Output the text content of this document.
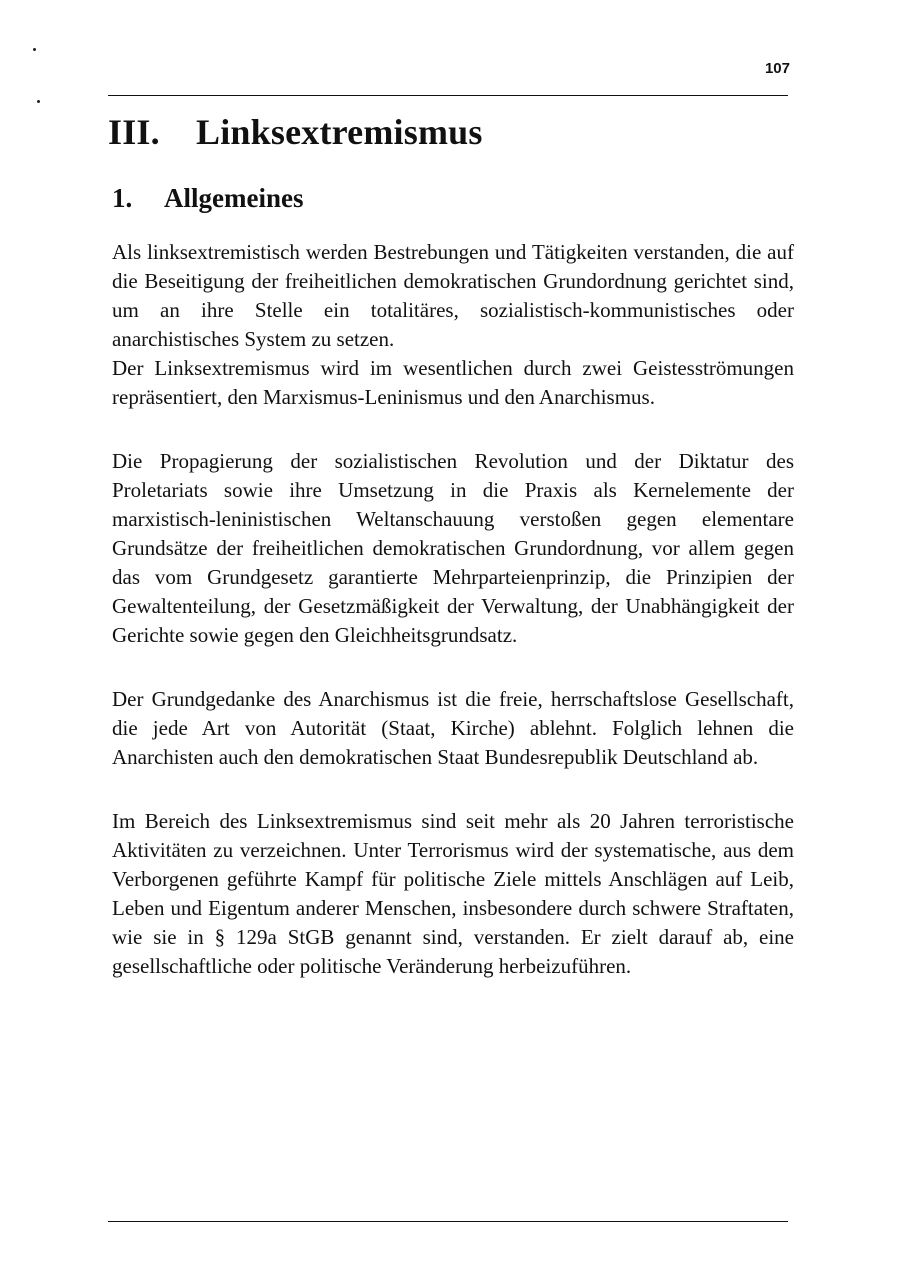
107
III. Linksextremismus
1. Allgemeines

Als linksextremistisch werden Bestrebungen und Tätigkeiten verstanden, die auf die Beseitigung der freiheitlichen demokratischen Grundordnung gerichtet sind, um an ihre Stelle ein totalitäres, sozialistisch-kommunistisches oder anarchistisches System zu setzen.

Der Linksextremismus wird im wesentlichen durch zwei Geistesströmungen repräsentiert, den Marxismus-Leninismus und den Anarchismus.

Die Propagierung der sozialistischen Revolution und der Diktatur des Proletariats sowie ihre Umsetzung in die Praxis als Kernelemente der marxistisch-leninistischen Weltanschauung verstoßen gegen elementare Grundsätze der freiheitlichen demokratischen Grundordnung, vor allem gegen das vom Grundgesetz garantierte Mehrparteienprinzip, die Prinzipien der Gewaltenteilung, der Gesetzmäßigkeit der Verwaltung, der Unabhängigkeit der Gerichte sowie gegen den Gleichheitsgrundsatz.

Der Grundgedanke des Anarchismus ist die freie, herrschaftslose Gesellschaft, die jede Art von Autorität (Staat, Kirche) ablehnt. Folglich lehnen die Anarchisten auch den demokratischen Staat Bundesrepublik Deutschland ab.

Im Bereich des Linksextremismus sind seit mehr als 20 Jahren terroristische Aktivitäten zu verzeichnen. Unter Terrorismus wird der systematische, aus dem Verborgenen geführte Kampf für politische Ziele mittels Anschlägen auf Leib, Leben und Eigentum anderer Menschen, insbesondere durch schwere Straftaten, wie sie in § 129a StGB genannt sind, verstanden. Er zielt darauf ab, eine gesellschaftliche oder politische Veränderung herbeizuführen.
